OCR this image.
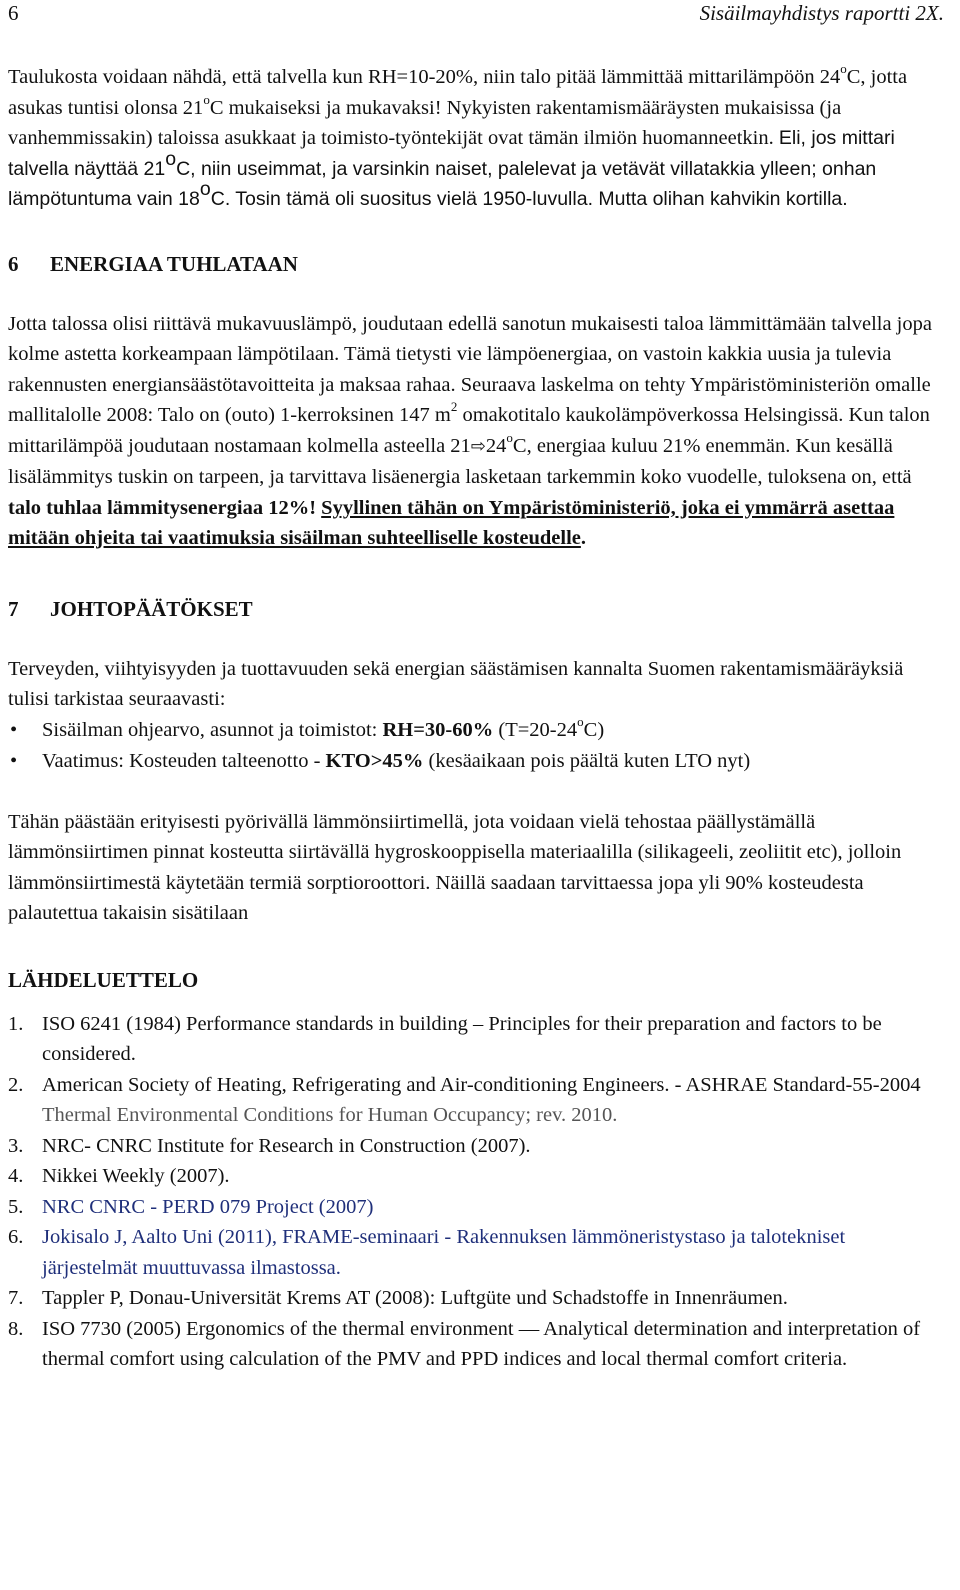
6	Sisäilmayhdistys raportti 2X.

Taulukosta voidaan nähdä, että talvella kun RH=10-20%, niin talo pitää lämmittää mittarilämpöön 24$^o$C, jotta asukas tuntisi olonsa 21$^o$C mukaiseksi ja mukavaksi! Nykyisten rakentamismääräysten mukaisissa (ja vanhemmissakin) taloissa asukkaat ja toimisto-työntekijät ovat tämän ilmiön huomanneetkin. Eli, jos mittari talvella näyttää 21$^o$C, niin useimmat, ja varsinkin naiset, palelevat ja vetävät villatakkia ylleen; onhan lämpötuntuma vain 18$^o$C. Tosin tämä oli suositus vielä 1950-luvulla. Mutta olihan kahvikin kortilla.

6 ENERGIAA TUHLATAAN

Jotta talossa olisi riittävä mukavuuslämpö, joudutaan edellä sanotun mukaisesti taloa lämmittämään talvella jopa kolme astetta korkeampaan lämpötilaan. Tämä tietysti vie lämpöenergiaa, on vastoin kakkia uusia ja tulevia rakennusten energiansäästötavoitteita ja maksaa rahaa. Seuraava laskelma on tehty Ympäristöministeriön omalle mallitalolle 2008: Talo on (outo) 1-kerroksinen 147 $m^2$ omakotitalo kaukolämpöverkossa Helsingissä. Kun talon mittarilämpöä joudutaan nostamaan kolmella asteella 21⇨24$^o$C, energiaa kuluu 21% enemmän. Kun kesällä lisälämmitys tuskin on tarpeen, ja tarvittava lisäenergia lasketaan tarkemmin koko vuodelle, tuloksena on, että talo tuhlaa lämmitysenergiaa 12%! Syyllinen tähän on Ympäristöministeriö, joka ei ymmärrä asettaa mitään ohjeita tai vaatimuksia sisäilman suhteelliselle kosteudelle.

7 JOHTOPÄÄTÖKSET

Terveyden, viihtyisyyden ja tuottavuuden sekä energian säästämisen kannalta Suomen rakentamismääräyksiä tulisi tarkistaa seuraavasti:

• Sisäilman ohjearvo, asunnot ja toimistot: RH=30-60% $(T=20-24^oC)$
• Vaatimus: Kosteuden talteenotto - KTO>45% (kesäaikaan pois päältä kuten LTO nyt)

Tähän päästään erityisesti pyörivällä lämmönsiirtimellä, jota voidaan vielä tehostaa päällystämällä lämmönsiirtimen pinnat kosteutta siirtävällä hygroskooppisella materiaalilla (silikageeli, zeoliitit etc), jolloin lämmönsiirtimestä käytetään termiä sorptioroottori. Näillä saadaan tarvittaessa jopa yli 90% kosteudesta palautettua takaisin sisätilaan

LÄHDELUETTELO
1. ISO 6241 (1984) Performance standards in building – Principles for their preparation and factors to be considered.
2. American Society of Heating, Refrigerating and Air-conditioning Engineers. - ASHRAE Standard-55-2004 Thermal Environmental Conditions for Human Occupancy; rev. 2010.
3. NRC- CNRC Institute for Research in Construction (2007).
4. Nikkei Weekly (2007).
5. NRC CNRC - PERD 079 Project (2007)
6. Jokisalo J, Aalto Uni (2011), FRAME-seminaari - Rakennuksen lämmöneristystaso ja talotekniset järjestelmät muuttuvassa ilmastossa.
7. Tappler P, Donau-Universität Krems AT (2008): Luftgüte und Schadstoffe in Innenräumen.
8. ISO 7730 (2005) Ergonomics of the thermal environment — Analytical determination and interpretation of thermal comfort using calculation of the PMV and PPD indices and local thermal comfort criteria.
